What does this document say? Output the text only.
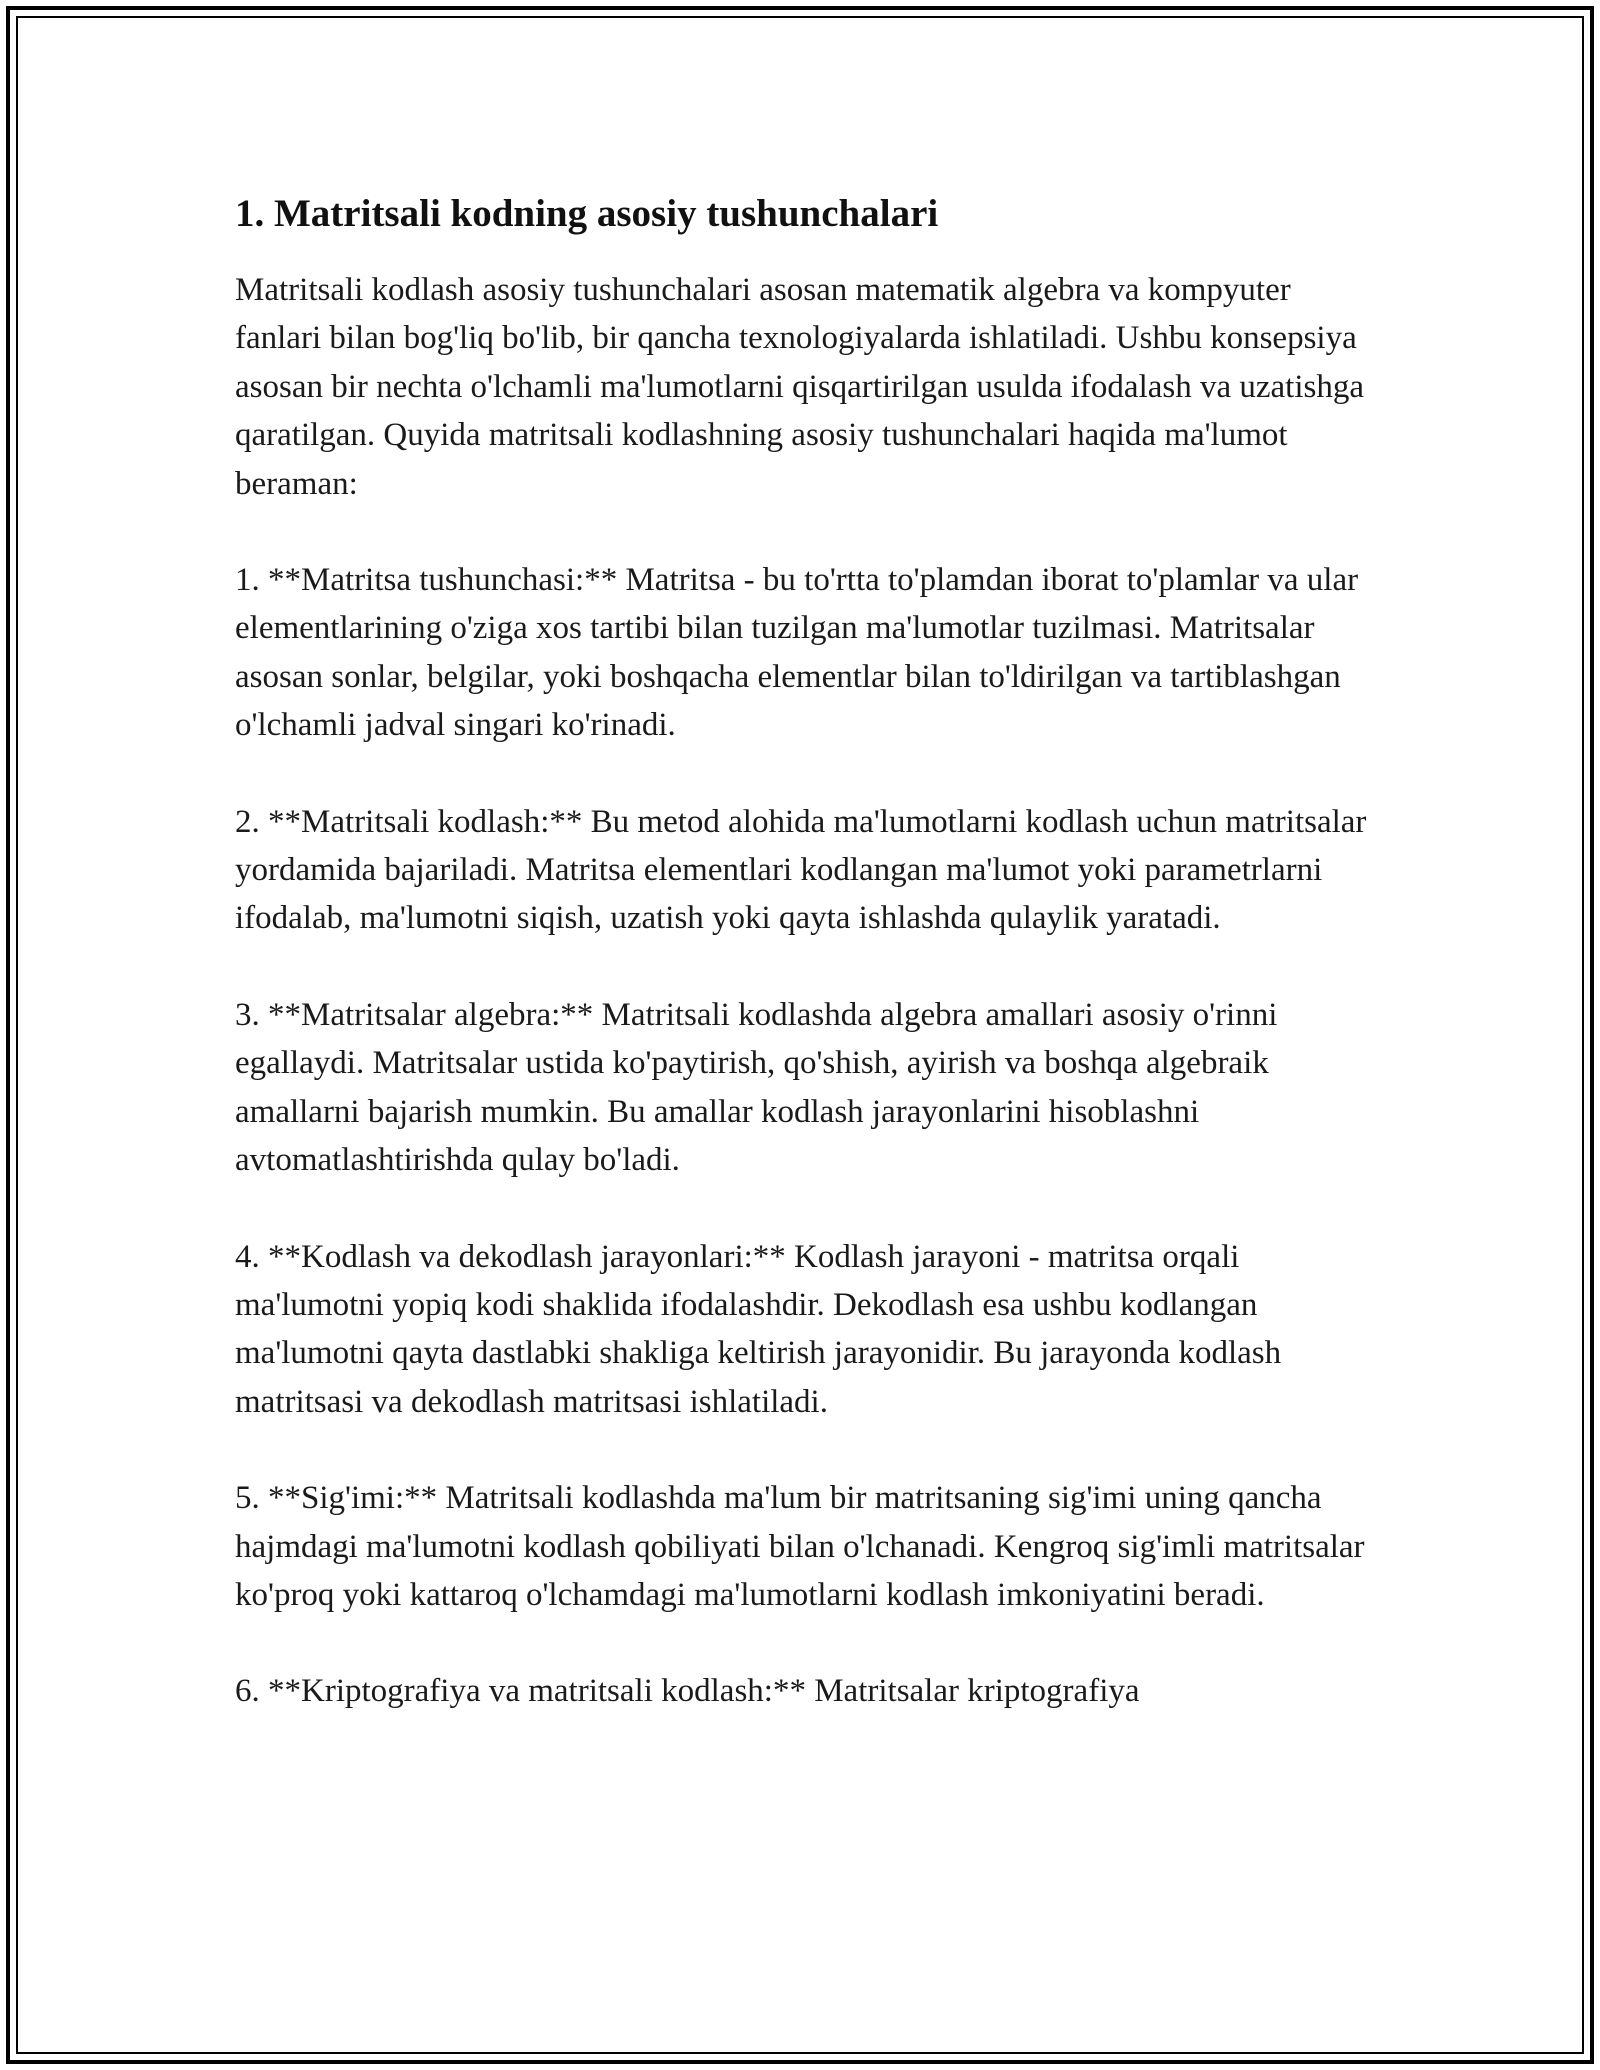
1. Matritsali kodning asosiy tushunchalari

Matritsali kodlash asosiy tushunchalari asosan matematik algebra va kompyuter fanlari bilan bog'liq bo'lib, bir qancha texnologiyalarda ishlatiladi. Ushbu konsepsiya asosan bir nechta o'lchamli ma'lumotlarni qisqartirilgan usulda ifodalash va uzatishga qaratilgan. Quyida matritsali kodlashning asosiy tushunchalari haqida ma'lumot beraman:

1. **Matritsa tushunchasi:** Matritsa - bu to'rtta to'plamdan iborat to'plamlar va ular elementlarining o'ziga xos tartibi bilan tuzilgan ma'lumotlar tuzilmasi. Matritsalar asosan sonlar, belgilar, yoki boshqacha elementlar bilan to'ldirilgan va tartiblashgan o'lchamli jadval singari ko'rinadi.

2. **Matritsali kodlash:** Bu metod alohida ma'lumotlarni kodlash uchun matritsalar yordamida bajariladi. Matritsa elementlari kodlangan ma'lumot yoki parametrlarni ifodalab, ma'lumotni siqish, uzatish yoki qayta ishlashda qulaylik yaratadi.

3. **Matritsalar algebra:** Matritsali kodlashda algebra amallari asosiy o'rinni egallaydi. Matritsalar ustida ko'paytirish, qo'shish, ayirish va boshqa algebraik amallarni bajarish mumkin. Bu amallar kodlash jarayonlarini hisoblashni avtomatlashtirishda qulay bo'ladi.

4. **Kodlash va dekodlash jarayonlari:** Kodlash jarayoni - matritsa orqali ma'lumotni yopiq kodi shaklida ifodalashdir. Dekodlash esa ushbu kodlangan ma'lumotni qayta dastlabki shakliga keltirish jarayonidir. Bu jarayonda kodlash matritsasi va dekodlash matritsasi ishlatiladi.

5. **Sig'imi:** Matritsali kodlashda ma'lum bir matritsaning sig'imi uning qancha hajmdagi ma'lumotni kodlash qobiliyati bilan o'lchanadi. Kengroq sig'imli matritsalar ko'proq yoki kattaroq o'lchamdagi ma'lumotlarni kodlash imkoniyatini beradi.

6. **Kriptografiya va matritsali kodlash:** Matritsalar kriptografiya
